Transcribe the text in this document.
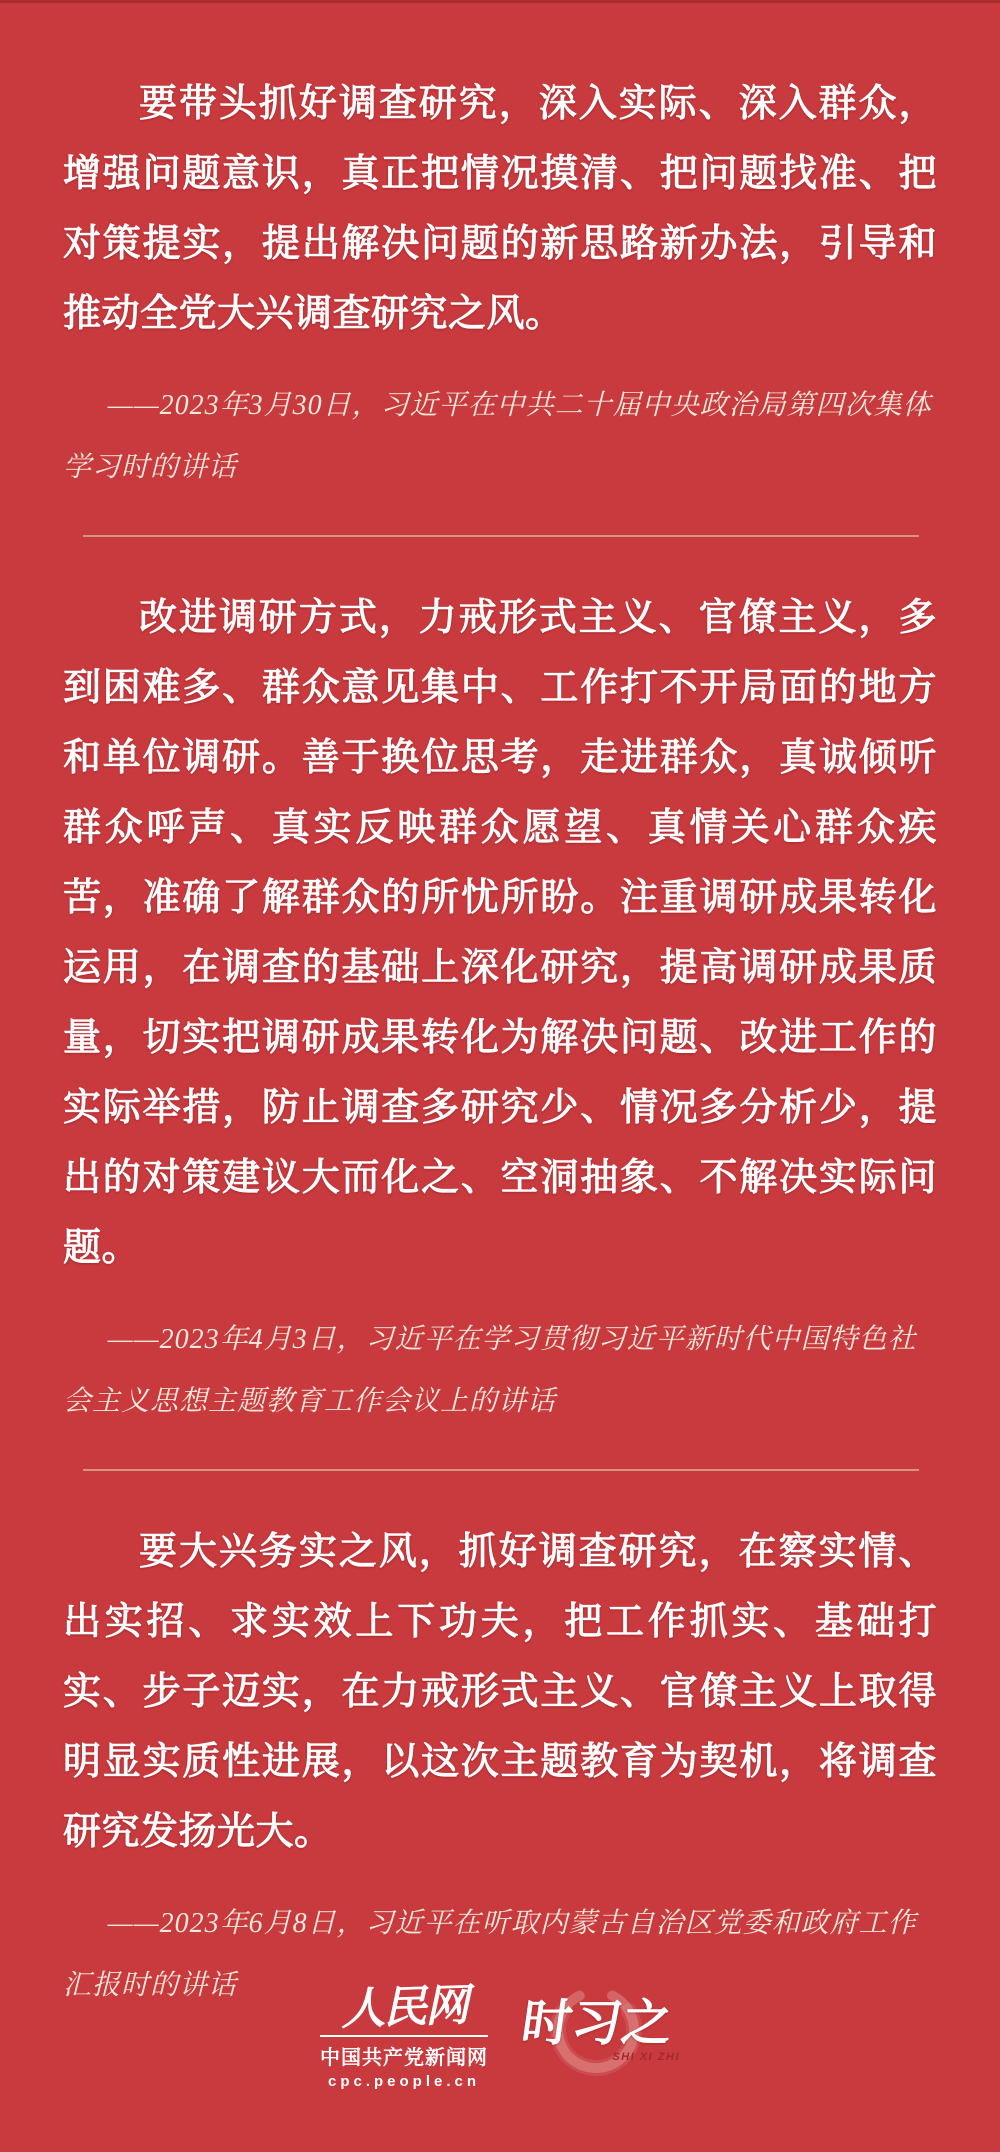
要带头抓好调查研究，深入实际、深入群众，增强问题意识，真正把情况摸清、把问题找准、把对策提实，提出解决问题的新思路新办法，引导和推动全党大兴调查研究之风。

——2023年3月30日，习近平在中共二十届中央政治局第四次集体学习时的讲话

改进调研方式，力戒形式主义、官僚主义，多到困难多、群众意见集中、工作打不开局面的地方和单位调研。善于换位思考，走进群众，真诚倾听群众呼声、真实反映群众愿望、真情关心群众疾苦，准确了解群众的所忧所盼。注重调研成果转化运用，在调查的基础上深化研究，提高调研成果质量，切实把调研成果转化为解决问题、改进工作的实际举措，防止调查多研究少、情况多分析少，提出的对策建议大而化之、空洞抽象、不解决实际问题。

——2023年4月3日，习近平在学习贯彻习近平新时代中国特色社会主义思想主题教育工作会议上的讲话

要大兴务实之风，抓好调查研究，在察实情、出实招、求实效上下功夫，把工作抓实、基础打实、步子迈实，在力戒形式主义、官僚主义上取得明显实质性进展，以这次主题教育为契机，将调查研究发扬光大。

——2023年6月8日，习近平在听取内蒙古自治区党委和政府工作汇报时的讲话	人民网
中国共产党新闻网
cpc.people.cn
时习之
SHI XI ZHI
